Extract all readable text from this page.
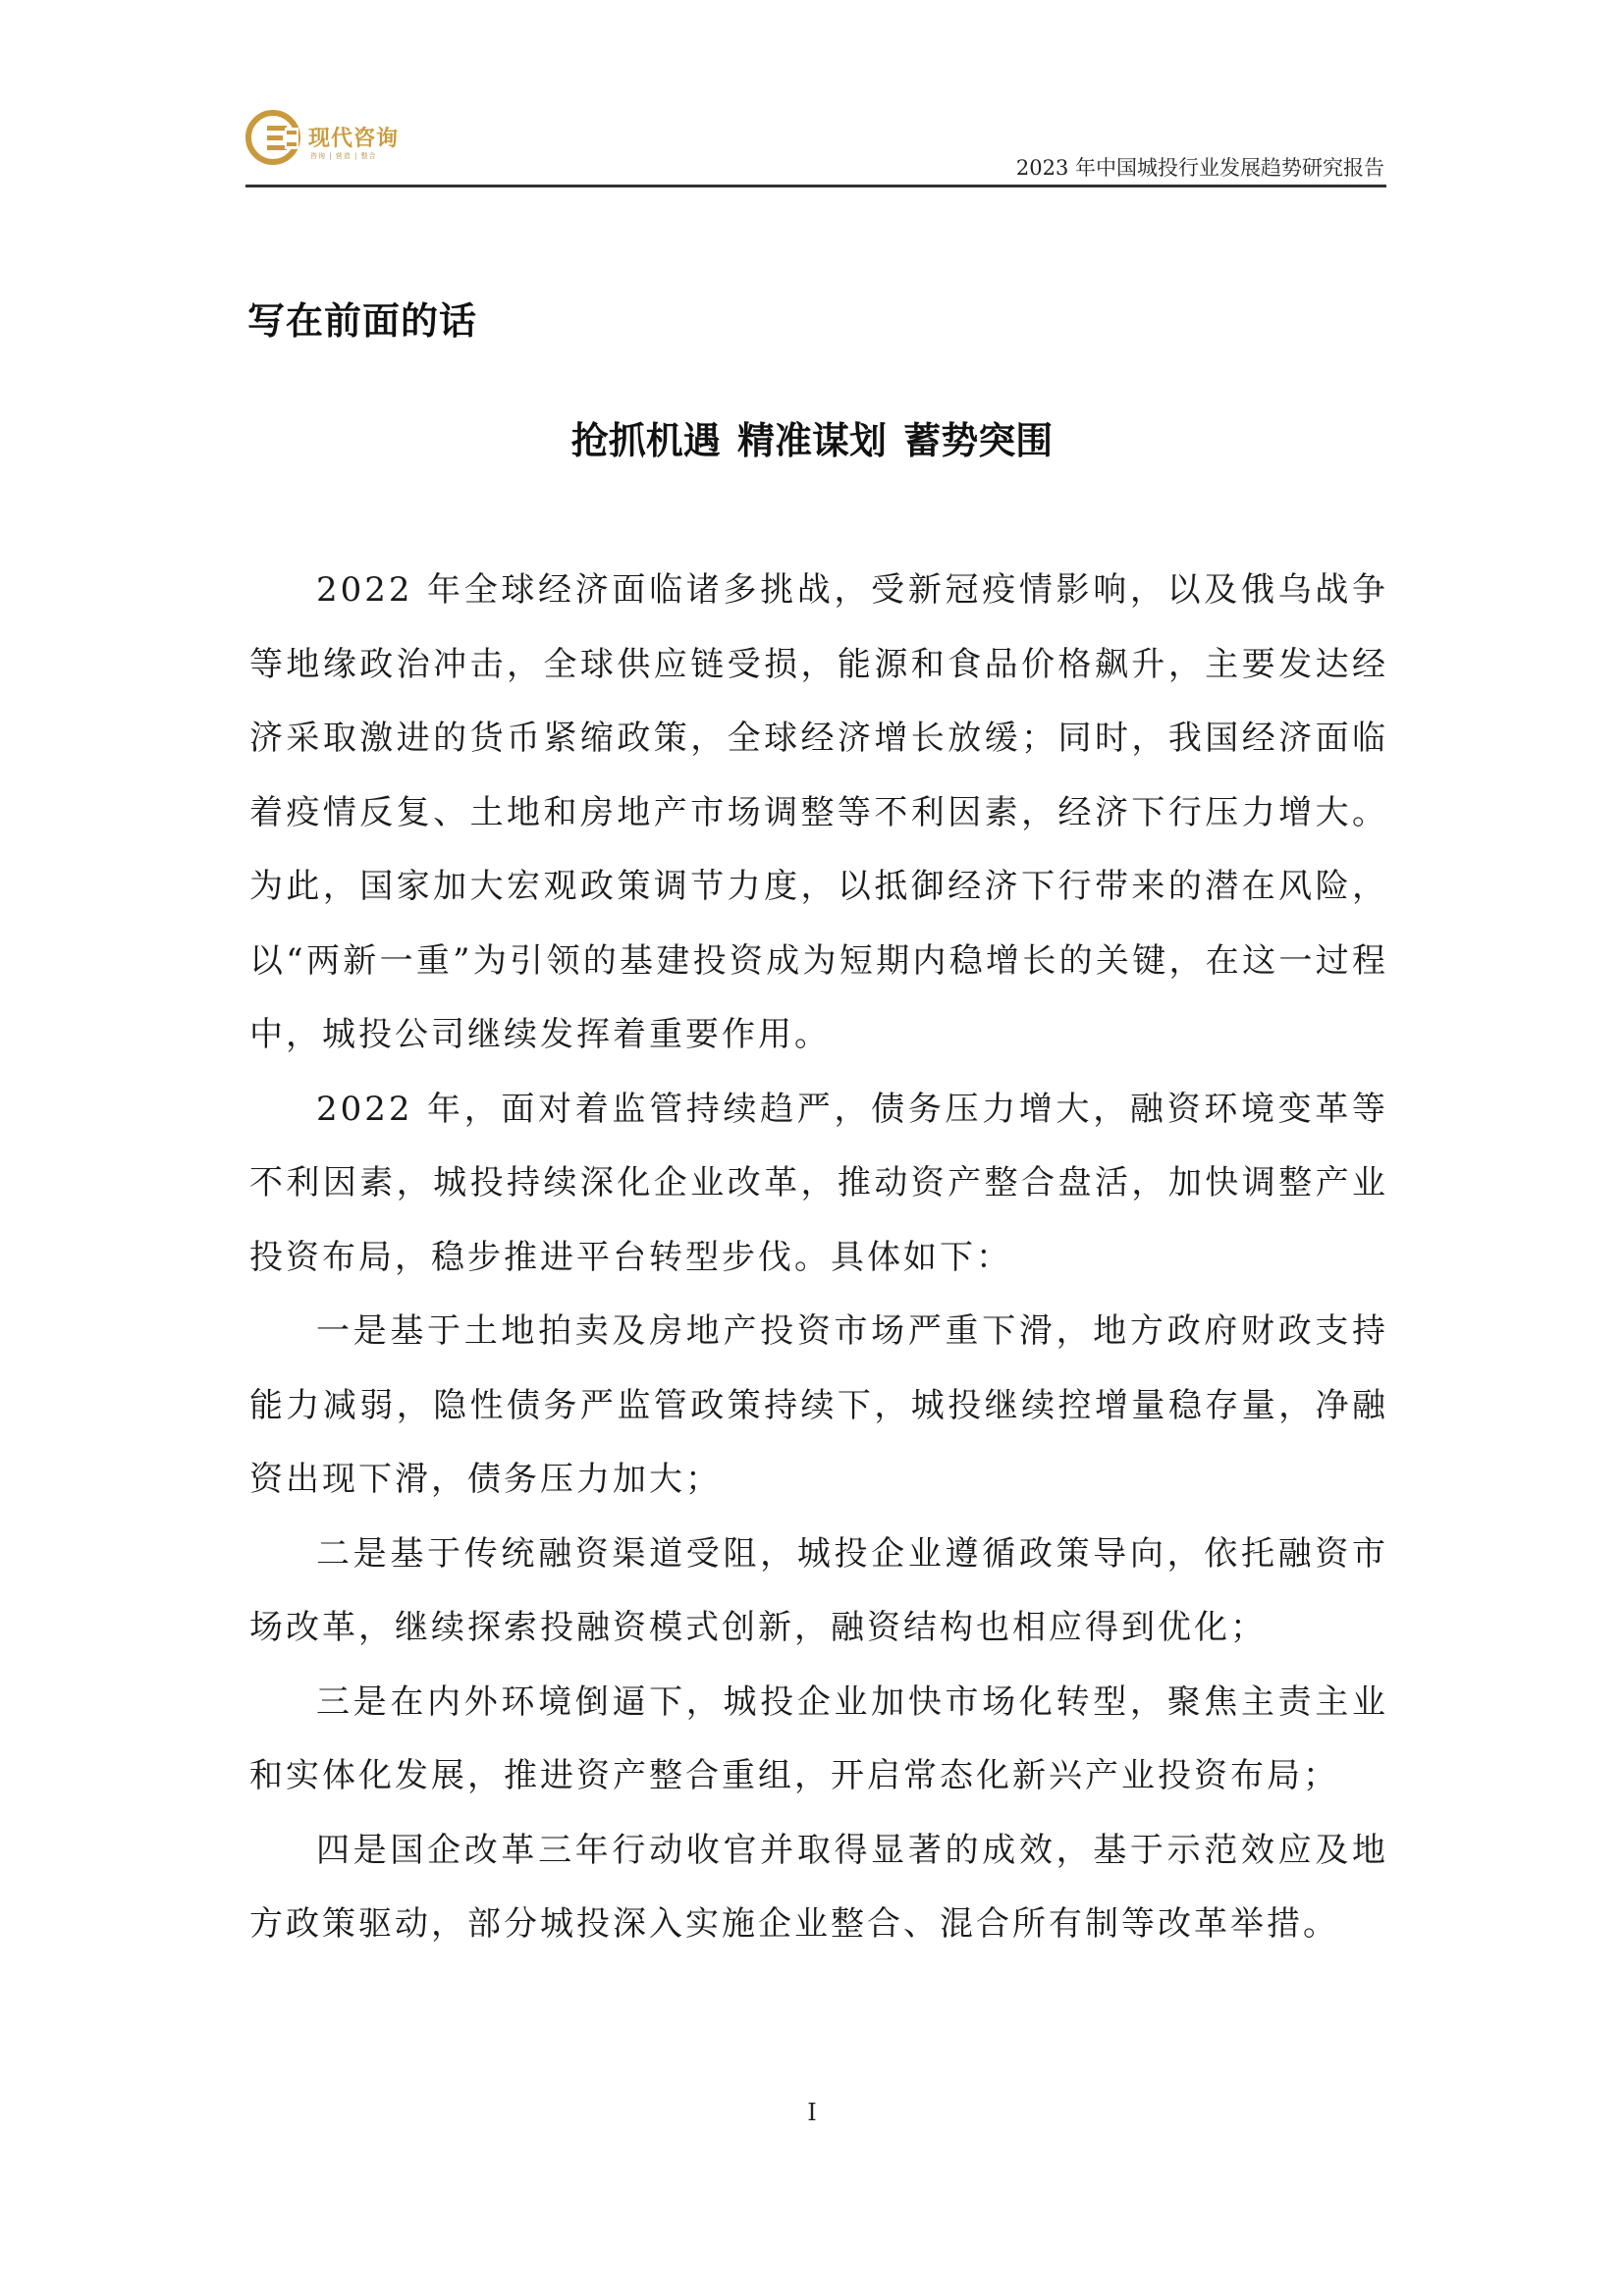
现代咨询
咨询 | 营造 | 整合	2023 年中国城投行业发展趋势研究报告
写在前面的话
抢抓机遇 精准谋划 蓄势突围

2022 年全球经济面临诸多挑战，受新冠疫情影响，以及俄乌战争等地缘政治冲击，全球供应链受损，能源和食品价格飙升，主要发达经济采取激进的货币紧缩政策，全球经济增长放缓；同时，我国经济面临着疫情反复、土地和房地产市场调整等不利因素，经济下行压力增大。为此，国家加大宏观政策调节力度，以抵御经济下行带来的潜在风险，以“两新一重”为引领的基建投资成为短期内稳增长的关键，在这一过程中，城投公司继续发挥着重要作用。

2022 年，面对着监管持续趋严，债务压力增大，融资环境变革等不利因素，城投持续深化企业改革，推动资产整合盘活，加快调整产业投资布局，稳步推进平台转型步伐。具体如下：

一是基于土地拍卖及房地产投资市场严重下滑，地方政府财政支持能力减弱，隐性债务严监管政策持续下，城投继续控增量稳存量，净融资出现下滑，债务压力加大；

二是基于传统融资渠道受阻，城投企业遵循政策导向，依托融资市场改革，继续探索投融资模式创新，融资结构也相应得到优化；

三是在内外环境倒逼下，城投企业加快市场化转型，聚焦主责主业和实体化发展，推进资产整合重组，开启常态化新兴产业投资布局；

四是国企改革三年行动收官并取得显著的成效，基于示范效应及地方政策驱动，部分城投深入实施企业整合、混合所有制等改革举措。

I
